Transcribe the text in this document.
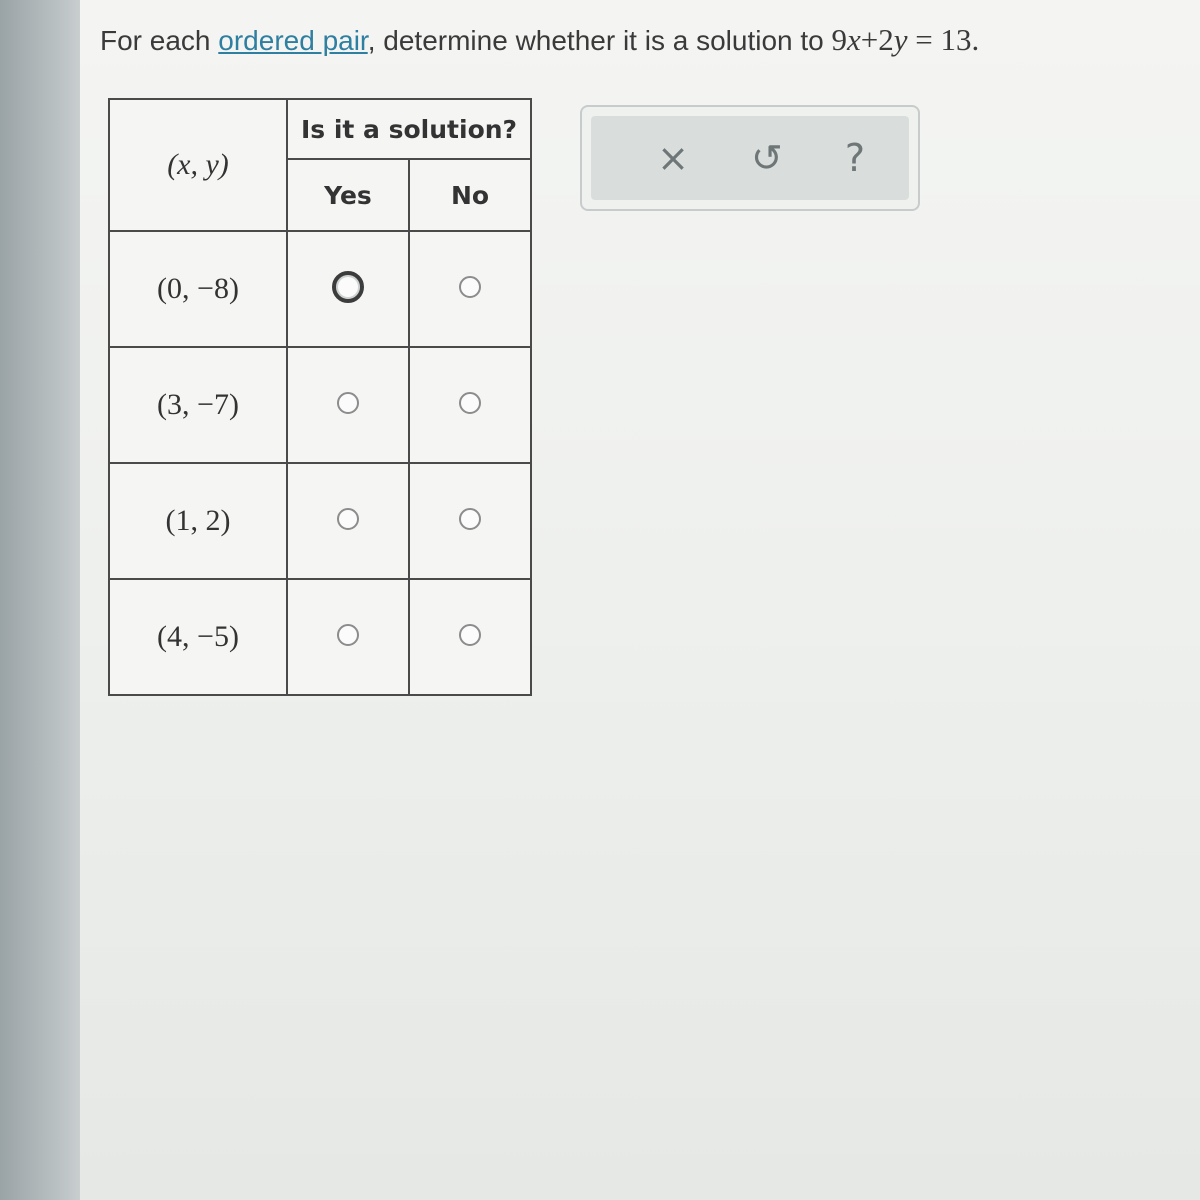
For each ordered pair, determine whether it is a solution to 9x+2y = 13.
(x, y)	Is it a solution?	
	Yes	No
(0, −8)		
(3, −7)		
(1, 2)		
(4, −5)		
× ↺ ?
